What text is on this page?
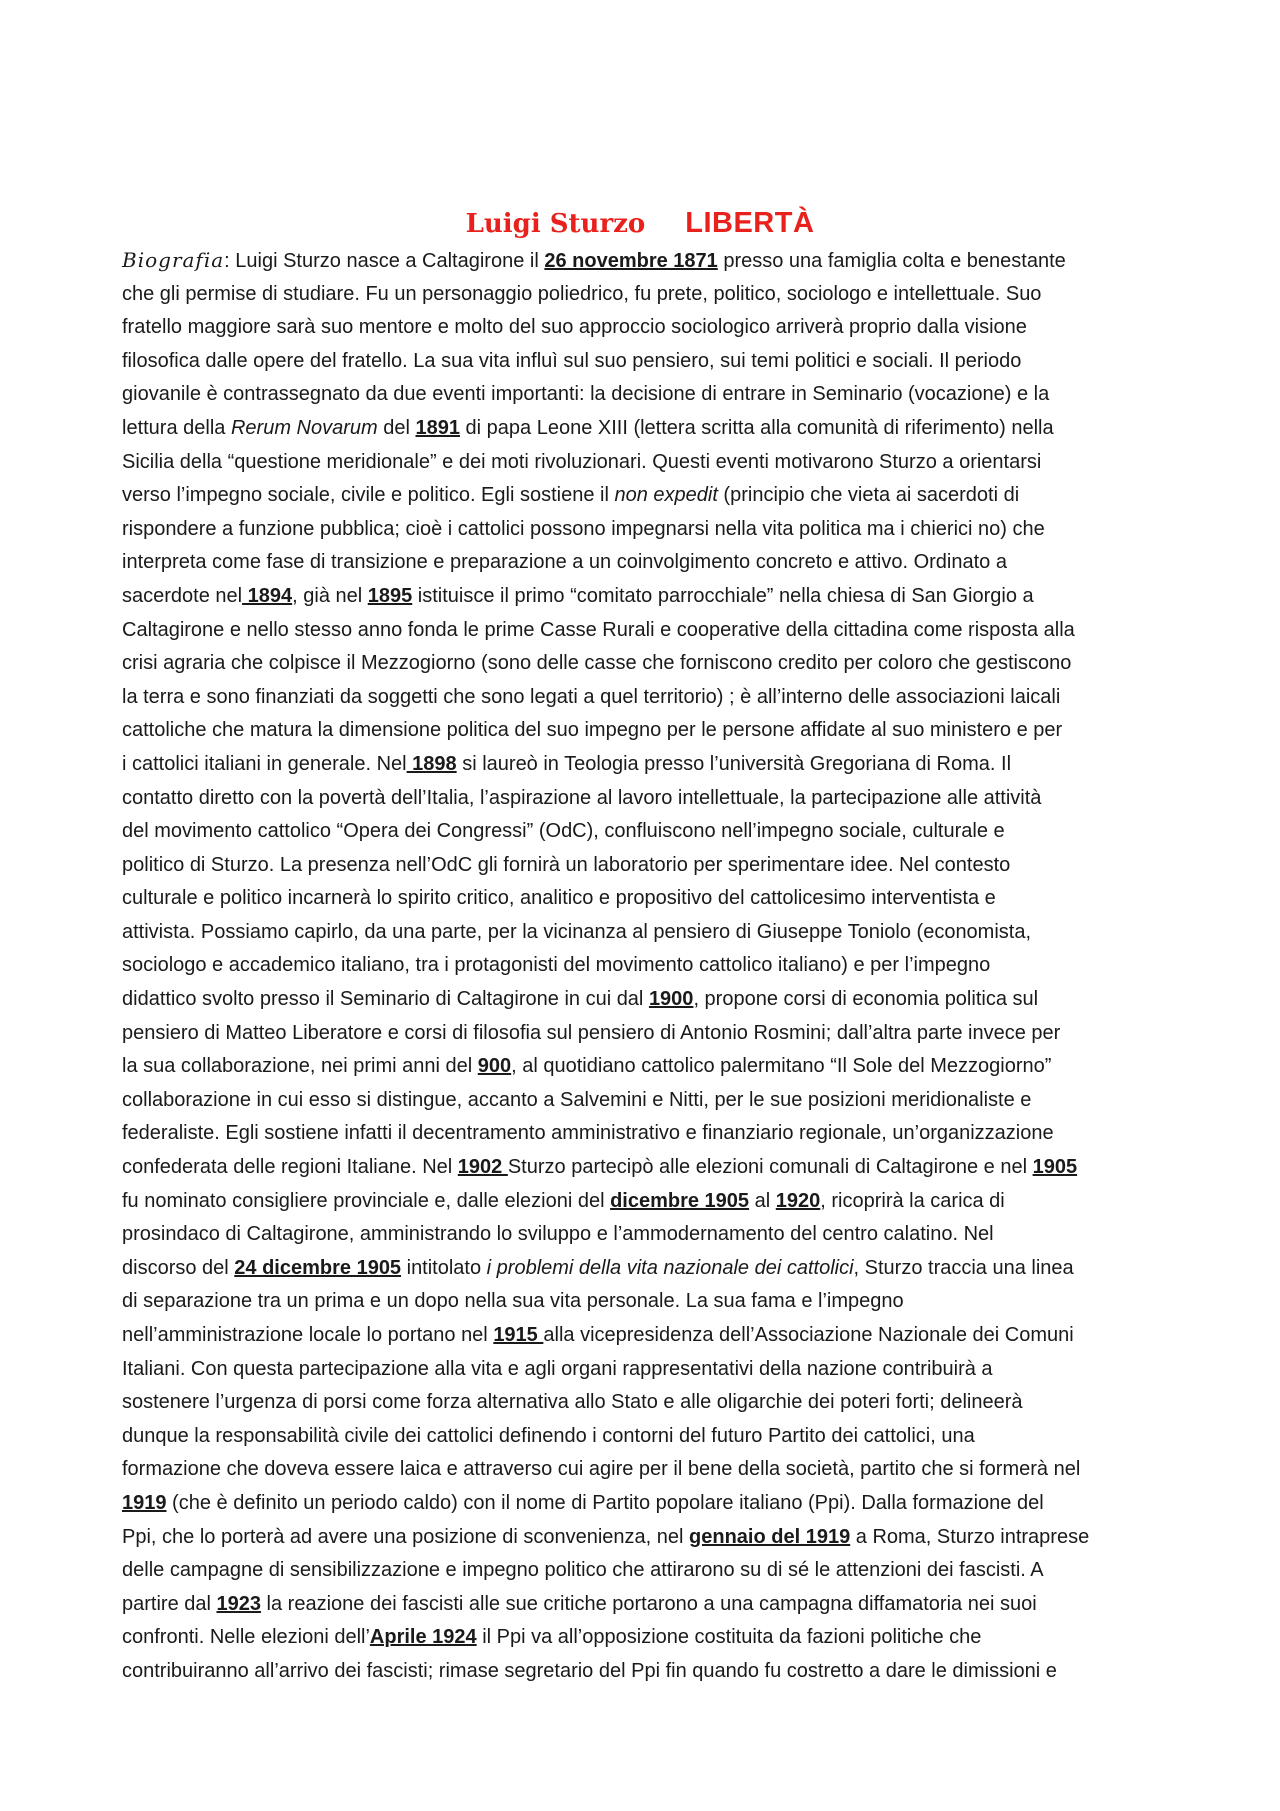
Luigi Sturzo LIBERTÀ
Biografia: Luigi Sturzo nasce a Caltagirone il 26 novembre 1871 presso una famiglia colta e benestante
che gli permise di studiare. Fu un personaggio poliedrico, fu prete, politico, sociologo e intellettuale. Suo
fratello maggiore sarà suo mentore e molto del suo approccio sociologico arriverà proprio dalla visione
filosofica dalle opere del fratello. La sua vita influì sul suo pensiero, sui temi politici e sociali. Il periodo
giovanile è contrassegnato da due eventi importanti: la decisione di entrare in Seminario (vocazione) e la
lettura della Rerum Novarum del 1891 di papa Leone XIII (lettera scritta alla comunità di riferimento) nella
Sicilia della “questione meridionale” e dei moti rivoluzionari. Questi eventi motivarono Sturzo a orientarsi
verso l’impegno sociale, civile e politico. Egli sostiene il non expedit (principio che vieta ai sacerdoti di
rispondere a funzione pubblica; cioè i cattolici possono impegnarsi nella vita politica ma i chierici no) che
interpreta come fase di transizione e preparazione a un coinvolgimento concreto e attivo. Ordinato a
sacerdote nel 1894, già nel 1895 istituisce il primo “comitato parrocchiale” nella chiesa di San Giorgio a
Caltagirone e nello stesso anno fonda le prime Casse Rurali e cooperative della cittadina come risposta alla
crisi agraria che colpisce il Mezzogiorno (sono delle casse che forniscono credito per coloro che gestiscono
la terra e sono finanziati da soggetti che sono legati a quel territorio) ; è all’interno delle associazioni laicali
cattoliche che matura la dimensione politica del suo impegno per le persone affidate al suo ministero e per
i cattolici italiani in generale. Nel 1898 si laureò in Teologia presso l’università Gregoriana di Roma. Il
contatto diretto con la povertà dell’Italia, l’aspirazione al lavoro intellettuale, la partecipazione alle attività
del movimento cattolico “Opera dei Congressi” (OdC), confluiscono nell’impegno sociale, culturale e
politico di Sturzo. La presenza nell’OdC gli fornirà un laboratorio per sperimentare idee. Nel contesto
culturale e politico incarnerà lo spirito critico, analitico e propositivo del cattolicesimo interventista e
attivista. Possiamo capirlo, da una parte, per la vicinanza al pensiero di Giuseppe Toniolo (economista,
sociologo e accademico italiano, tra i protagonisti del movimento cattolico italiano) e per l’impegno
didattico svolto presso il Seminario di Caltagirone in cui dal 1900, propone corsi di economia politica sul
pensiero di Matteo Liberatore e corsi di filosofia sul pensiero di Antonio Rosmini; dall’altra parte invece per
la sua collaborazione, nei primi anni del 900, al quotidiano cattolico palermitano “Il Sole del Mezzogiorno”
collaborazione in cui esso si distingue, accanto a Salvemini e Nitti, per le sue posizioni meridionaliste e
federaliste. Egli sostiene infatti il decentramento amministrativo e finanziario regionale, un’organizzazione
confederata delle regioni Italiane. Nel 1902 Sturzo partecipò alle elezioni comunali di Caltagirone e nel 1905
fu nominato consigliere provinciale e, dalle elezioni del dicembre 1905 al 1920, ricoprirà la carica di
prosindaco di Caltagirone, amministrando lo sviluppo e l’ammodernamento del centro calatino. Nel
discorso del 24 dicembre 1905 intitolato i problemi della vita nazionale dei cattolici, Sturzo traccia una linea
di separazione tra un prima e un dopo nella sua vita personale. La sua fama e l’impegno
nell’amministrazione locale lo portano nel 1915 alla vicepresidenza dell’Associazione Nazionale dei Comuni
Italiani. Con questa partecipazione alla vita e agli organi rappresentativi della nazione contribuirà a
sostenere l’urgenza di porsi come forza alternativa allo Stato e alle oligarchie dei poteri forti; delineerà
dunque la responsabilità civile dei cattolici definendo i contorni del futuro Partito dei cattolici, una
formazione che doveva essere laica e attraverso cui agire per il bene della società, partito che si formerà nel
1919 (che è definito un periodo caldo) con il nome di Partito popolare italiano (Ppi). Dalla formazione del
Ppi, che lo porterà ad avere una posizione di sconvenienza, nel gennaio del 1919 a Roma, Sturzo intraprese
delle campagne di sensibilizzazione e impegno politico che attirarono su di sé le attenzioni dei fascisti. A
partire dal 1923 la reazione dei fascisti alle sue critiche portarono a una campagna diffamatoria nei suoi
confronti. Nelle elezioni dell’Aprile 1924 il Ppi va all’opposizione costituita da fazioni politiche che
contribuiranno all’arrivo dei fascisti; rimase segretario del Ppi fin quando fu costretto a dare le dimissioni e
